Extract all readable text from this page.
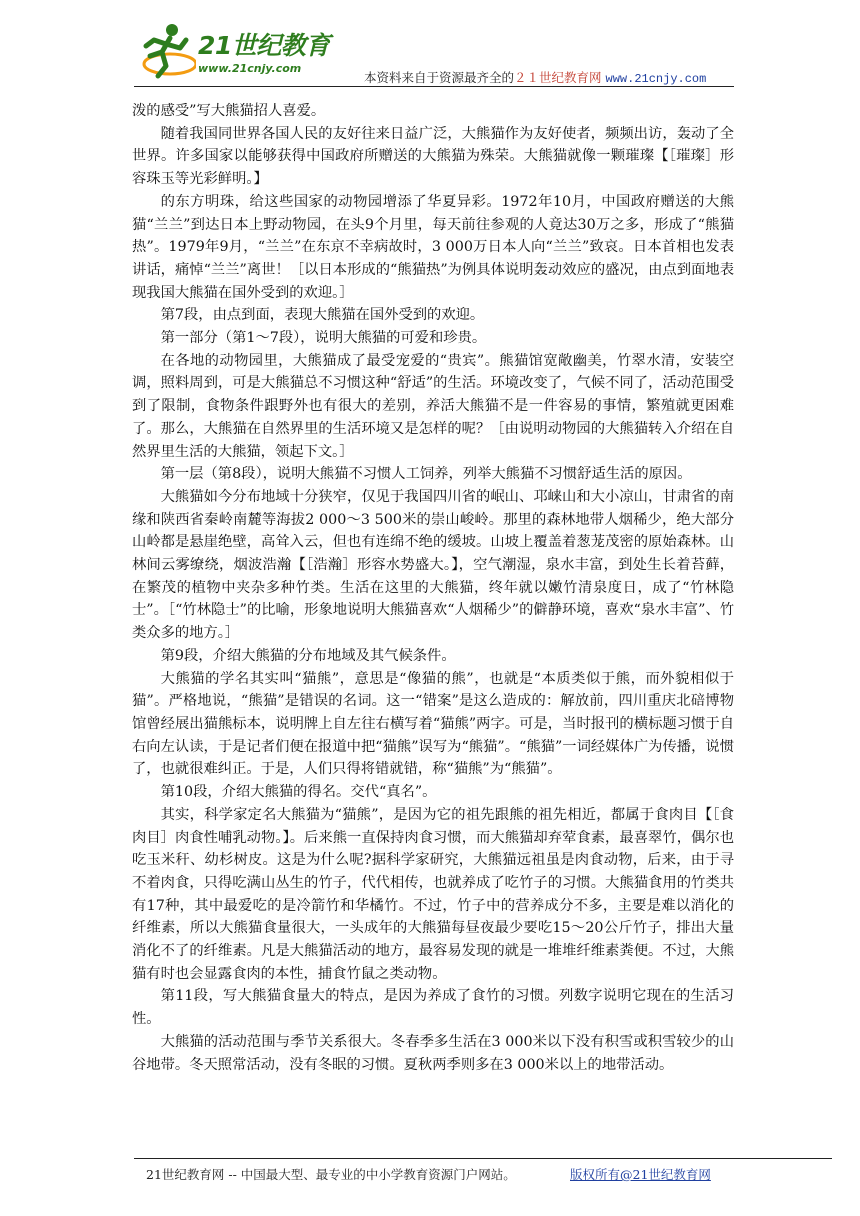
21世纪教育
www.21cnjy.com
本资料来自于资源最齐全的２１世纪教育网 www.21cnjy.com

泼的感受”写大熊猫招人喜爱。

随着我国同世界各国人民的友好往来日益广泛，大熊猫作为友好使者，频频出访，轰动了全世界。许多国家以能够获得中国政府所赠送的大熊猫为殊荣。大熊猫就像一颗璀璨【［璀璨］形容珠玉等光彩鲜明。】

的东方明珠，给这些国家的动物园增添了华夏异彩。1972年10月，中国政府赠送的大熊猫“兰兰”到达日本上野动物园，在头9个月里，每天前往参观的人竟达30万之多，形成了“熊猫热”。1979年9月，“兰兰”在东京不幸病故时，3 000万日本人向“兰兰”致哀。日本首相也发表讲话，痛悼“兰兰”离世！［以日本形成的“熊猫热”为例具体说明轰动效应的盛况，由点到面地表现我国大熊猫在国外受到的欢迎。］

第7段，由点到面，表现大熊猫在国外受到的欢迎。

第一部分（第1～7段），说明大熊猫的可爱和珍贵。

在各地的动物园里，大熊猫成了最受宠爱的“贵宾”。熊猫馆宽敞幽美，竹翠水清，安装空调，照料周到，可是大熊猫总不习惯这种“舒适”的生活。环境改变了，气候不同了，活动范围受到了限制，食物条件跟野外也有很大的差别，养活大熊猫不是一件容易的事情，繁殖就更困难了。那么，大熊猫在自然界里的生活环境又是怎样的呢？［由说明动物园的大熊猫转入介绍在自然界里生活的大熊猫，领起下文。］

第一层（第8段），说明大熊猫不习惯人工饲养，列举大熊猫不习惯舒适生活的原因。

大熊猫如今分布地域十分狭窄，仅见于我国四川省的岷山、邛崃山和大小凉山，甘肃省的南缘和陕西省秦岭南麓等海拔2 000～3 500米的崇山峻岭。那里的森林地带人烟稀少，绝大部分山岭都是悬崖绝壁，高耸入云，但也有连绵不绝的缓坡。山坡上覆盖着葱茏茂密的原始森林。山林间云雾缭绕，烟波浩瀚【［浩瀚］形容水势盛大。】，空气潮湿，泉水丰富，到处生长着苔藓，在繁茂的植物中夹杂多种竹类。生活在这里的大熊猫，终年就以嫩竹清泉度日，成了“竹林隐士”。［“竹林隐士”的比喻，形象地说明大熊猫喜欢“人烟稀少”的僻静环境，喜欢“泉水丰富”、竹类众多的地方。］

第9段，介绍大熊猫的分布地域及其气候条件。

大熊猫的学名其实叫“猫熊”，意思是“像猫的熊”，也就是“本质类似于熊，而外貌相似于猫”。严格地说，“熊猫”是错误的名词。这一“错案”是这么造成的：解放前，四川重庆北碚博物馆曾经展出猫熊标本，说明牌上自左往右横写着“猫熊”两字。可是，当时报刊的横标题习惯于自右向左认读，于是记者们便在报道中把“猫熊”误写为“熊猫”。“熊猫”一词经媒体广为传播，说惯了，也就很难纠正。于是，人们只得将错就错，称“猫熊”为“熊猫”。

第10段，介绍大熊猫的得名。交代“真名”。

其实，科学家定名大熊猫为“猫熊”，是因为它的祖先跟熊的祖先相近，都属于食肉目【［食肉目］肉食性哺乳动物。】。后来熊一直保持肉食习惯，而大熊猫却弃荤食素，最喜翠竹，偶尔也吃玉米秆、幼杉树皮。这是为什么呢?据科学家研究，大熊猫远祖虽是肉食动物，后来，由于寻不着肉食，只得吃满山丛生的竹子，代代相传，也就养成了吃竹子的习惯。大熊猫食用的竹类共有17种，其中最爱吃的是冷箭竹和华橘竹。不过，竹子中的营养成分不多，主要是难以消化的纤维素，所以大熊猫食量很大，一头成年的大熊猫每昼夜最少要吃15～20公斤竹子，排出大量消化不了的纤维素。凡是大熊猫活动的地方，最容易发现的就是一堆堆纤维素粪便。不过，大熊猫有时也会显露食肉的本性，捕食竹鼠之类动物。

第11段，写大熊猫食量大的特点，是因为养成了食竹的习惯。列数字说明它现在的生活习性。

大熊猫的活动范围与季节关系很大。冬春季多生活在3 000米以下没有积雪或积雪较少的山谷地带。冬天照常活动，没有冬眠的习惯。夏秋两季则多在3 000米以上的地带活动。

21世纪教育网 -- 中国最大型、最专业的中小学教育资源门户网站。	版权所有@21世纪教育网
